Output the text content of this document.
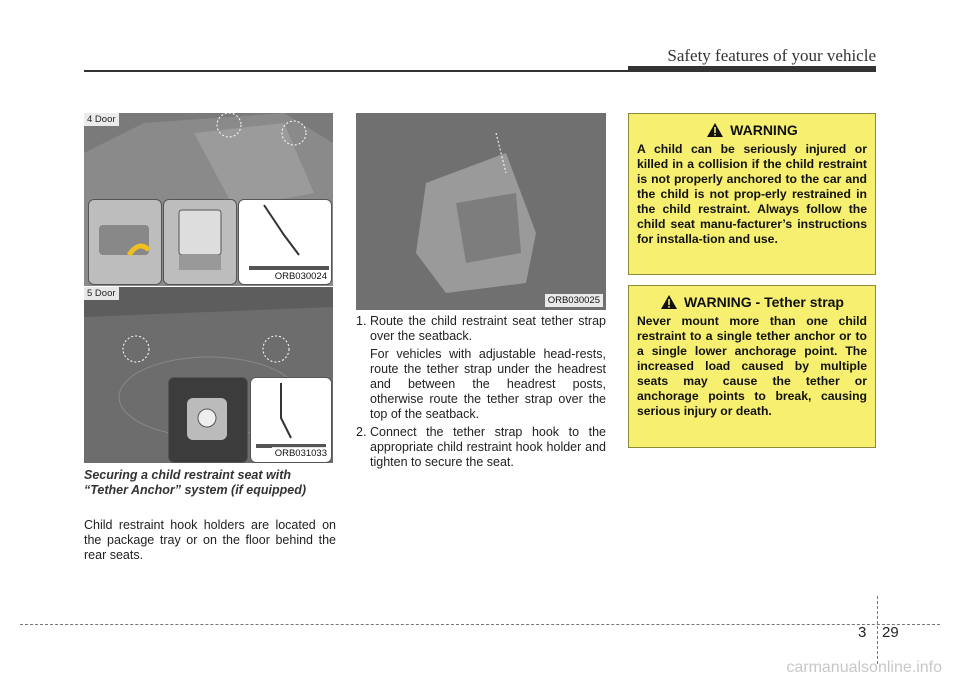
Safety features of your vehicle
4 Door
ORB030024
5 Door
ORB031033
ORB030025
Securing a child restraint seat with “Tether Anchor” system (if equipped)
Child restraint hook holders are located on the package tray or on the floor behind the rear seats.
1. Route the child restraint seat tether strap over the seatback.
For vehicles with adjustable head-rests, route the tether strap under the headrest and between the headrest posts, otherwise route the tether strap over the top of the seatback.
2. Connect the tether strap hook to the appropriate child restraint hook holder and tighten to secure the seat.
WARNING
A child can be seriously injured or killed in a collision if the child restraint is not properly anchored to the car and the child is not prop-erly restrained in the child restraint. Always follow the child seat manu-facturer’s instructions for installa-tion and use.
WARNING - Tether strap
Never mount more than one child restraint to a single tether anchor or to a single lower anchorage point. The increased load caused by multiple seats may cause the tether or anchorage points to break, causing serious injury or death.
3 29
carmanualsonline.info
